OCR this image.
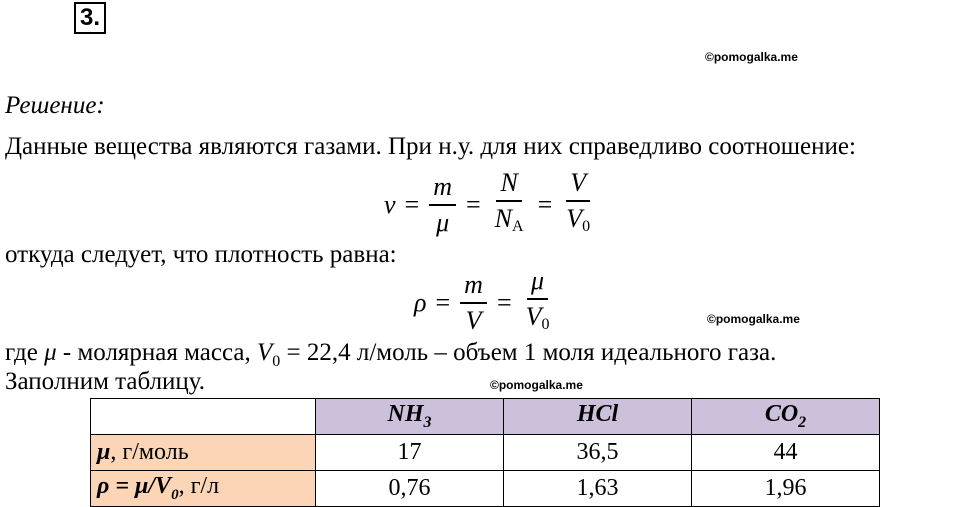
3.
©pomogalka.me
Решение:
Данные вещества являются газами. При н.у. для них справедливо соотношение:
$\nu = \frac{m}{\mu} = \frac{N}{N_A} = \frac{V}{V_0}$
откуда следует, что плотность равна:
$\rho = \frac{m}{V} = \frac{\mu}{V_0}$	©pomogalka.me
где μ - молярная масса, $V_0 = 22,4$ л/моль – объем 1 моля идеального газа.
Заполним таблицу.	©pomogalka.me
	$NH_3$	HCl	$CO_2$
μ, г/моль	17	36,5	44
$\rho = \mu/V_0$, г/л	0,76	1,63	1,96
